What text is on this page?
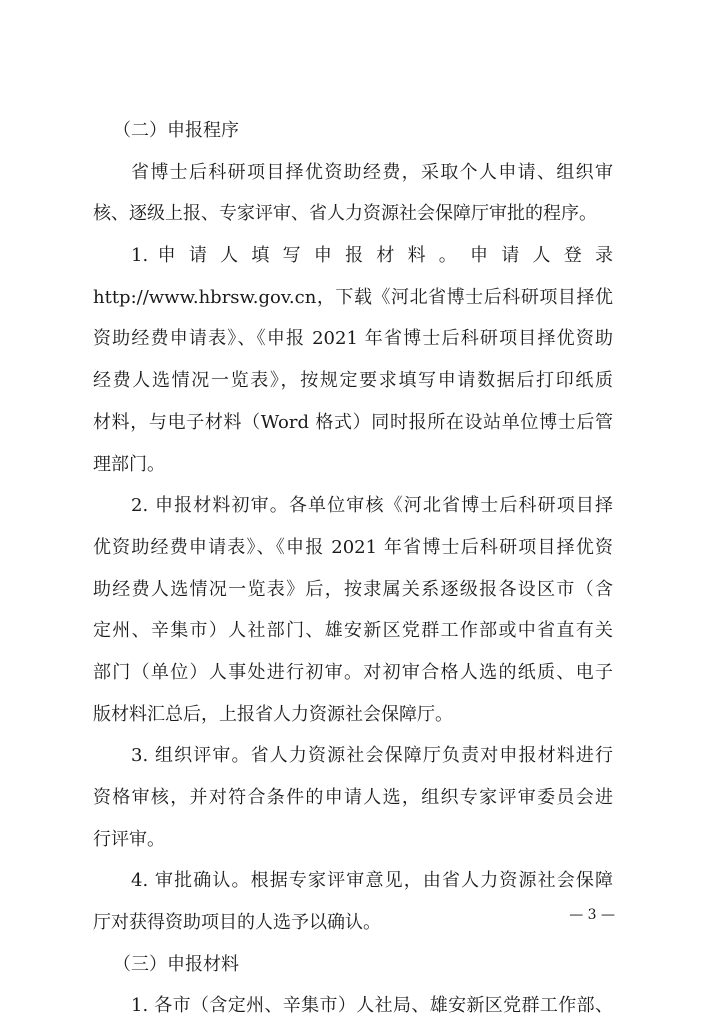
（二）申报程序
省博士后科研项目择优资助经费，采取个人申请、组织审
核、逐级上报、专家评审、省人力资源社会保障厅审批的程序。
1. 申 请 人 填 写 申 报 材 料 。 申 请 人 登 录
http://www.hbrsw.gov.cn，下载《河北省博士后科研项目择优
资助经费申请表》、《申报 2021 年省博士后科研项目择优资助
经费人选情况一览表》，按规定要求填写申请数据后打印纸质
材料，与电子材料（Word 格式）同时报所在设站单位博士后管
理部门。
2. 申报材料初审。各单位审核《河北省博士后科研项目择
优资助经费申请表》、《申报 2021 年省博士后科研项目择优资
助经费人选情况一览表》后，按隶属关系逐级报各设区市（含
定州、辛集市）人社部门、雄安新区党群工作部或中省直有关
部门（单位）人事处进行初审。对初审合格人选的纸质、电子
版材料汇总后，上报省人力资源社会保障厅。
3. 组织评审。省人力资源社会保障厅负责对申报材料进行
资格审核，并对符合条件的申请人选，组织专家评审委员会进
行评审。
4. 审批确认。根据专家评审意见，由省人力资源社会保障
厅对获得资助项目的人选予以确认。
（三）申报材料
1. 各市（含定州、辛集市）人社局、雄安新区党群工作部、
— 3 —
